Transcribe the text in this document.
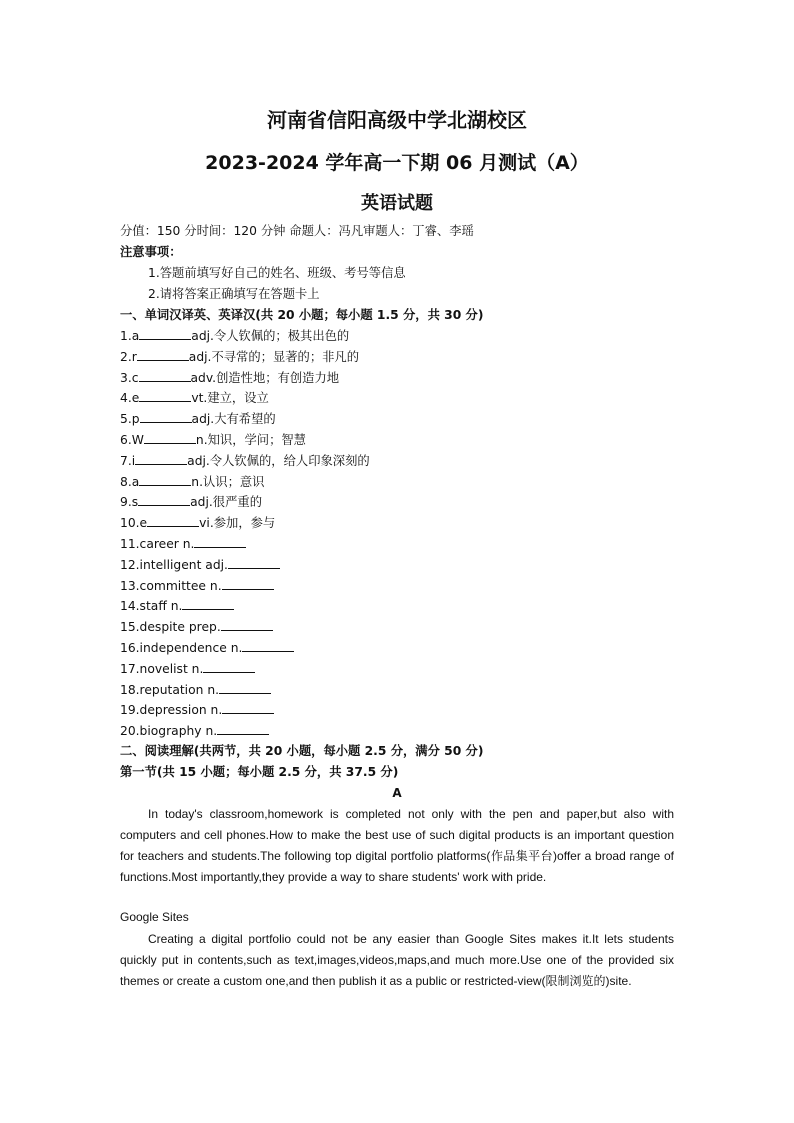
河南省信阳高级中学北湖校区
2023-2024 学年高一下期 06 月测试（A）
英语试题
分值：150 分时间：120 分钟 命题人：冯凡审题人：丁睿、李瑶
注意事项：
1.答题前填写好自己的姓名、班级、考号等信息
2.请将答案正确填写在答题卡上
一、单词汉译英、英译汉(共 20 小题；每小题 1.5 分，共 30 分)
1.a	adj.令人钦佩的；极其出色的
2.r	adj.不寻常的；显著的；非凡的
3.c	adv.创造性地；有创造力地
4.e	vt.建立，设立
5.p	adj.大有希望的
6.W	n.知识，学问；智慧
7.i	adj.令人钦佩的，给人印象深刻的
8.a	n.认识；意识
9.s	adj.很严重的
10.e	vi.参加，参与
11.career n.
12.intelligent adj.
13.committee n.
14.staff n.
15.despite prep.
16.independence n.
17.novelist n.
18.reputation n.
19.depression n.
20.biography n.
二、阅读理解(共两节，共 20 小题，每小题 2.5 分，满分 50 分)
第一节(共 15 小题；每小题 2.5 分，共 37.5 分)
A
In today's classroom,homework is completed not only with the pen and paper,but also with computers and cell phones.How to make the best use of such digital products is an important question for teachers and students.The following top digital portfolio platforms(作品集平台)offer a broad range of functions.Most importantly,they provide a way to share students' work with pride.
Google Sites
Creating a digital portfolio could not be any easier than Google Sites makes it.It lets students quickly put in contents,such as text,images,videos,maps,and much more.Use one of the provided six themes or create a custom one,and then publish it as a public or restricted-view(限制浏览的)site.
